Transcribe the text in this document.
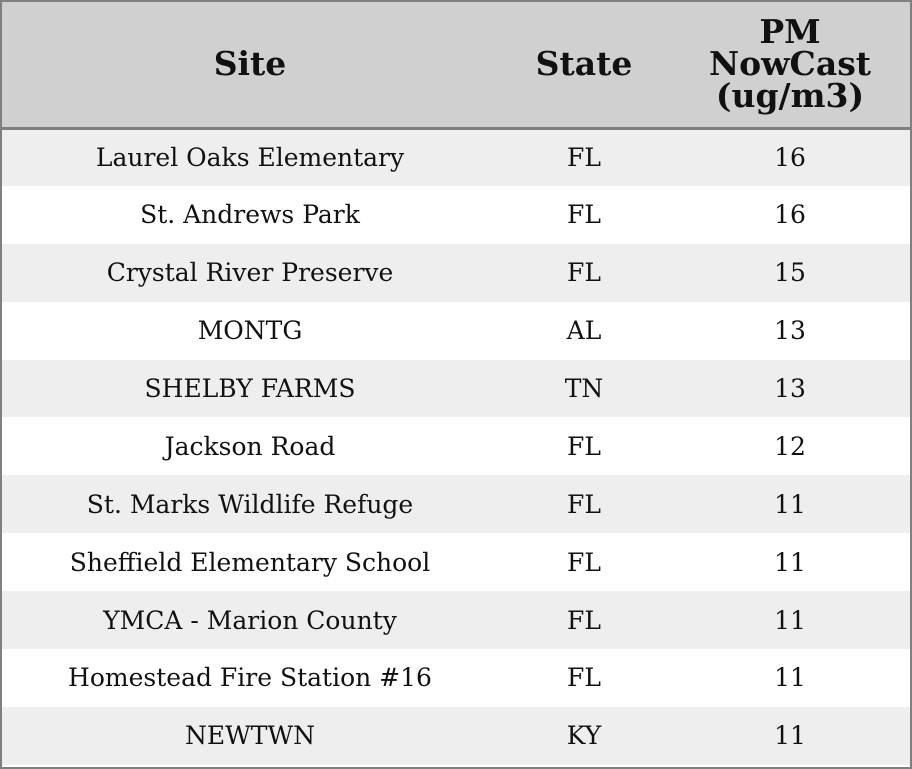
Site	State	PM
NowCast
(ug/m3)

Laurel Oaks Elementary	FL	16
St. Andrews Park	FL	16
Crystal River Preserve	FL	15
MONTG	AL	13
SHELBY FARMS	TN	13
Jackson Road	FL	12
St. Marks Wildlife Refuge	FL	11
Sheffield Elementary School	FL	11
YMCA - Marion County	FL	11
Homestead Fire Station #16	FL	11
NEWTWN	KY	11
